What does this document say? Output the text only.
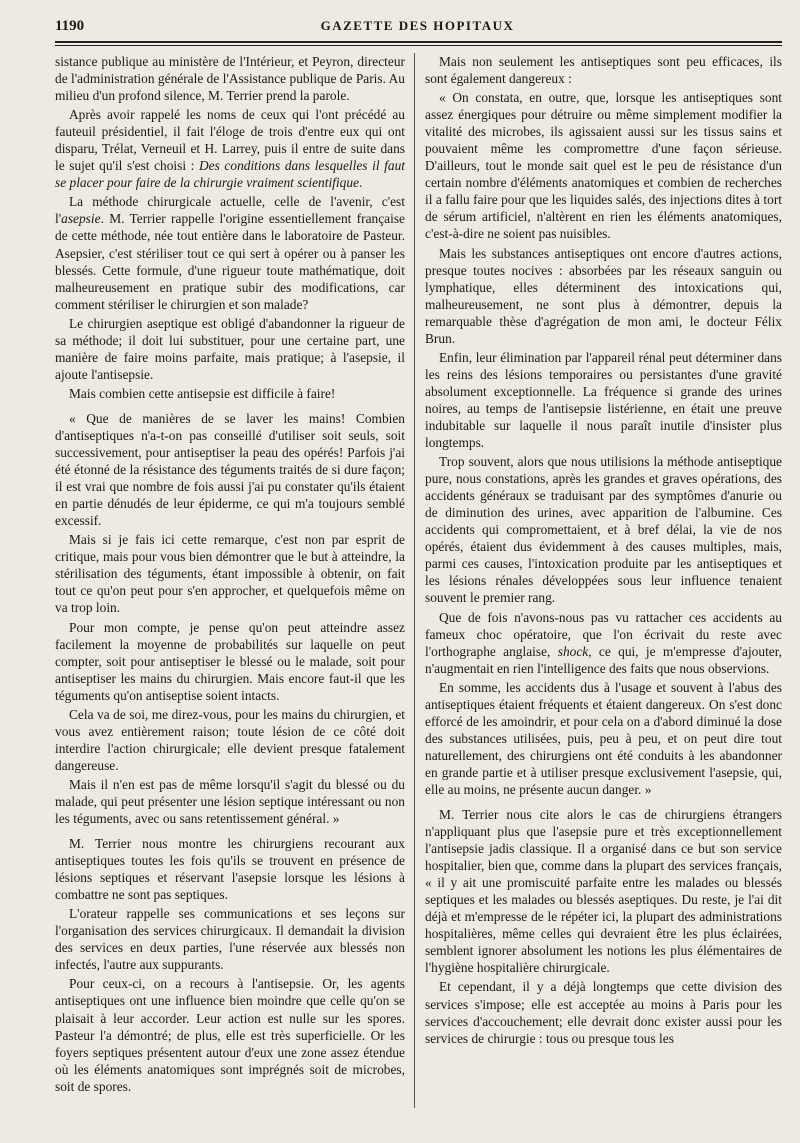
1190	GAZETTE DES HOPITAUX

sistance publique au ministère de l'Intérieur, et Peyron, directeur de l'administration générale de l'Assistance publique de Paris. Au milieu d'un profond silence, M. Terrier prend la parole.

Après avoir rappelé les noms de ceux qui l'ont précédé au fauteuil présidentiel, il fait l'éloge de trois d'entre eux qui ont disparu, Trélat, Verneuil et H. Larrey, puis il entre de suite dans le sujet qu'il s'est choisi : Des conditions dans lesquelles il faut se placer pour faire de la chirurgie vraiment scientifique.

La méthode chirurgicale actuelle, celle de l'avenir, c'est l'asepsie. M. Terrier rappelle l'origine essentiellement française de cette méthode, née tout entière dans le laboratoire de Pasteur. Asepsier, c'est stériliser tout ce qui sert à opérer ou à panser les blessés. Cette formule, d'une rigueur toute mathématique, doit malheureusement en pratique subir des modifications, car comment stériliser le chirurgien et son malade?

Le chirurgien aseptique est obligé d'abandonner la rigueur de sa méthode; il doit lui substituer, pour une certaine part, une manière de faire moins parfaite, mais pratique; à l'asepsie, il ajoute l'antisepsie.

Mais combien cette antisepsie est difficile à faire!

« Que de manières de se laver les mains! Combien d'antiseptiques n'a-t-on pas conseillé d'utiliser soit seuls, soit successivement, pour antiseptiser la peau des opérés! Parfois j'ai été étonné de la résistance des téguments traités de si dure façon; il est vrai que nombre de fois aussi j'ai pu constater qu'ils étaient en partie dénudés de leur épiderme, ce qui m'a toujours semblé excessif.

Mais si je fais ici cette remarque, c'est non par esprit de critique, mais pour vous bien démontrer que le but à atteindre, la stérilisation des téguments, étant impossible à obtenir, on fait tout ce qu'on peut pour s'en approcher, et quelquefois même on va trop loin.

Pour mon compte, je pense qu'on peut atteindre assez facilement la moyenne de probabilités sur laquelle on peut compter, soit pour antiseptiser le blessé ou le malade, soit pour antiseptiser les mains du chirurgien. Mais encore faut-il que les téguments qu'on antiseptise soient intacts.

Cela va de soi, me direz-vous, pour les mains du chirurgien, et vous avez entièrement raison; toute lésion de ce côté doit interdire l'action chirurgicale; elle devient presque fatalement dangereuse.

Mais il n'en est pas de même lorsqu'il s'agit du blessé ou du malade, qui peut présenter une lésion septique intéressant ou non les téguments, avec ou sans retentissement général. »

M. Terrier nous montre les chirurgiens recourant aux antiseptiques toutes les fois qu'ils se trouvent en présence de lésions septiques et réservant l'asepsie lorsque les lésions à combattre ne sont pas septiques.

L'orateur rappelle ses communications et ses leçons sur l'organisation des services chirurgicaux. Il demandait la division des services en deux parties, l'une réservée aux blessés non infectés, l'autre aux suppurants.

Pour ceux-ci, on a recours à l'antisepsie. Or, les agents antiseptiques ont une influence bien moindre que celle qu'on se plaisait à leur accorder. Leur action est nulle sur les spores. Pasteur l'a démontré; de plus, elle est très superficielle. Or les foyers septiques présentent autour d'eux une zone assez étendue où les éléments anatomiques sont imprégnés soit de microbes, soit de spores.

Mais non seulement les antiseptiques sont peu efficaces, ils sont également dangereux :

« On constata, en outre, que, lorsque les antiseptiques sont assez énergiques pour détruire ou même simplement modifier la vitalité des microbes, ils agissaient aussi sur les tissus sains et pouvaient même les compromettre d'une façon sérieuse. D'ailleurs, tout le monde sait quel est le peu de résistance d'un certain nombre d'éléments anatomiques et combien de recherches il a fallu faire pour que les liquides salés, des injections dites à tort de sérum artificiel, n'altèrent en rien les éléments anatomiques, c'est-à-dire ne soient pas nuisibles.

Mais les substances antiseptiques ont encore d'autres actions, presque toutes nocives : absorbées par les réseaux sanguin ou lymphatique, elles déterminent des intoxications qui, malheureusement, ne sont plus à démontrer, depuis la remarquable thèse d'agrégation de mon ami, le docteur Félix Brun.

Enfin, leur élimination par l'appareil rénal peut déterminer dans les reins des lésions temporaires ou persistantes d'une gravité absolument exceptionnelle. La fréquence si grande des urines noires, au temps de l'antisepsie listérienne, en était une preuve indubitable sur laquelle il nous paraît inutile d'insister plus longtemps.

Trop souvent, alors que nous utilisions la méthode antiseptique pure, nous constations, après les grandes et graves opérations, des accidents généraux se traduisant par des symptômes d'anurie ou de diminution des urines, avec apparition de l'albumine. Ces accidents qui compromettaient, et à bref délai, la vie de nos opérés, étaient dus évidemment à des causes multiples, mais, parmi ces causes, l'intoxication produite par les antiseptiques et les lésions rénales développées sous leur influence tenaient souvent le premier rang.

Que de fois n'avons-nous pas vu rattacher ces accidents au fameux choc opératoire, que l'on écrivait du reste avec l'orthographe anglaise, shock, ce qui, je m'empresse d'ajouter, n'augmentait en rien l'intelligence des faits que nous observions.

En somme, les accidents dus à l'usage et souvent à l'abus des antiseptiques étaient fréquents et étaient dangereux. On s'est donc efforcé de les amoindrir, et pour cela on a d'abord diminué la dose des substances utilisées, puis, peu à peu, et on peut dire tout naturellement, des chirurgiens ont été conduits à les abandonner en grande partie et à utiliser presque exclusivement l'asepsie, qui, elle au moins, ne présente aucun danger. »

M. Terrier nous cite alors le cas de chirurgiens étrangers n'appliquant plus que l'asepsie pure et très exceptionnellement l'antisepsie jadis classique. Il a organisé dans ce but son service hospitalier, bien que, comme dans la plupart des services français, « il y ait une promiscuité parfaite entre les malades ou blessés septiques et les malades ou blessés aseptiques. Du reste, je l'ai dit déjà et m'empresse de le répéter ici, la plupart des administrations hospitalières, même celles qui devraient être les plus éclairées, semblent ignorer absolument les notions les plus élémentaires de l'hygiène hospitalière chirurgicale.

Et cependant, il y a déjà longtemps que cette division des services s'impose; elle est acceptée au moins à Paris pour les services d'accouchement; elle devrait donc exister aussi pour les services de chirurgie : tous ou presque tous les
